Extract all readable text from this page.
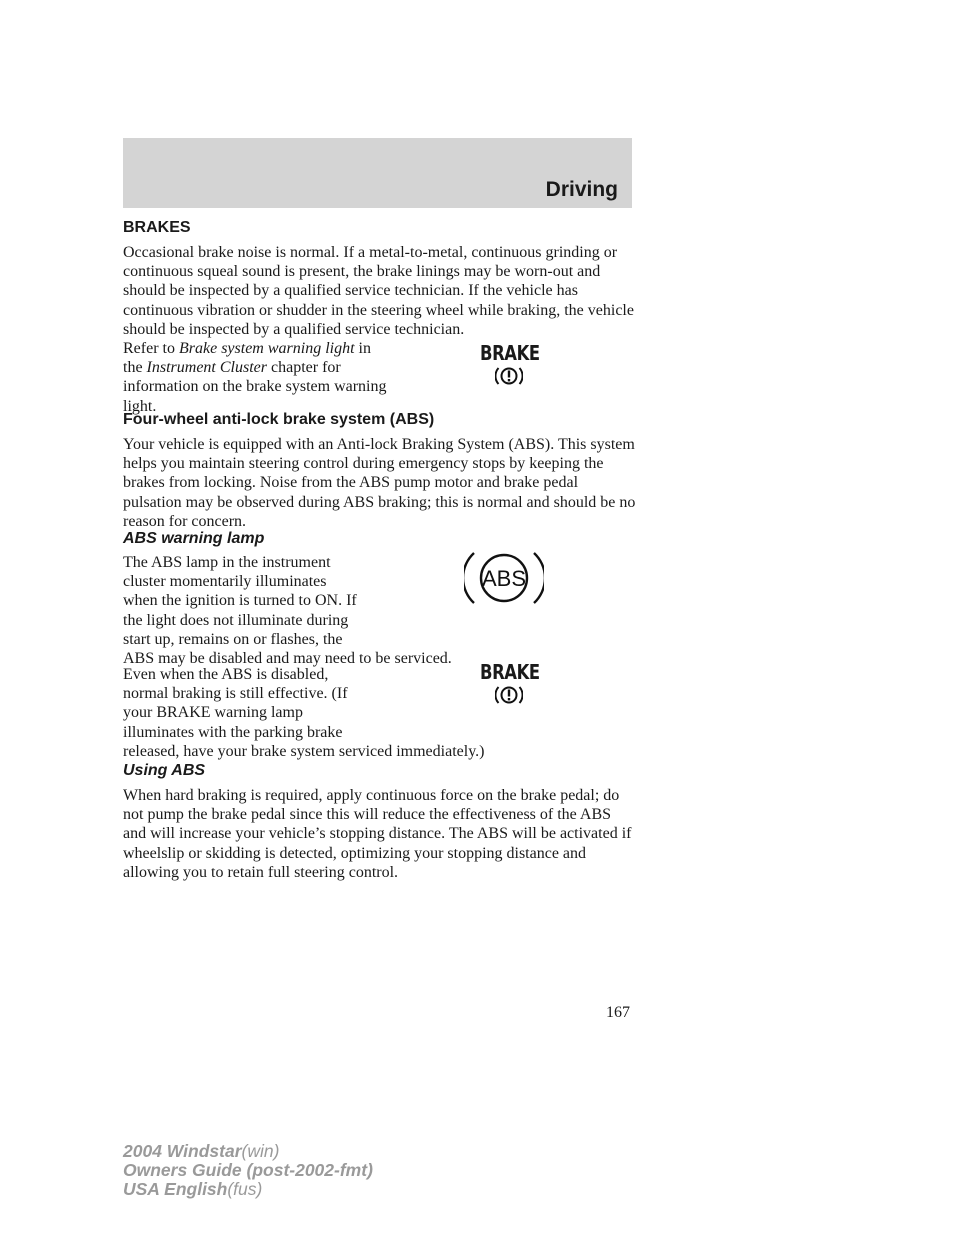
Driving

BRAKES

Occasional brake noise is normal. If a metal-to-metal, continuous grinding or continuous squeal sound is present, the brake linings may be worn-out and should be inspected by a qualified service technician. If the vehicle has continuous vibration or shudder in the steering wheel while braking, the vehicle should be inspected by a qualified service technician.

Refer to Brake system warning light in the Instrument Cluster chapter for information on the brake system warning light.

BRAKE

Four-wheel anti-lock brake system (ABS)

Your vehicle is equipped with an Anti-lock Braking System (ABS). This system helps you maintain steering control during emergency stops by keeping the brakes from locking. Noise from the ABS pump motor and brake pedal pulsation may be observed during ABS braking; this is normal and should be no reason for concern.

ABS warning lamp

The ABS lamp in the instrument
cluster momentarily illuminates
when the ignition is turned to ON. If
the light does not illuminate during
start up, remains on or flashes, the
ABS may be disabled and may need to be serviced.

ABS

Even when the ABS is disabled,
normal braking is still effective. (If
your BRAKE warning lamp
illuminates with the parking brake
released, have your brake system serviced immediately.)

BRAKE

Using ABS

When hard braking is required, apply continuous force on the brake pedal; do not pump the brake pedal since this will reduce the effectiveness of the ABS and will increase your vehicle’s stopping distance. The ABS will be activated if wheelslip or skidding is detected, optimizing your stopping distance and allowing you to retain full steering control.

167

2004 Windstar(win)
Owners Guide (post-2002-fmt)
USA English(fus)
